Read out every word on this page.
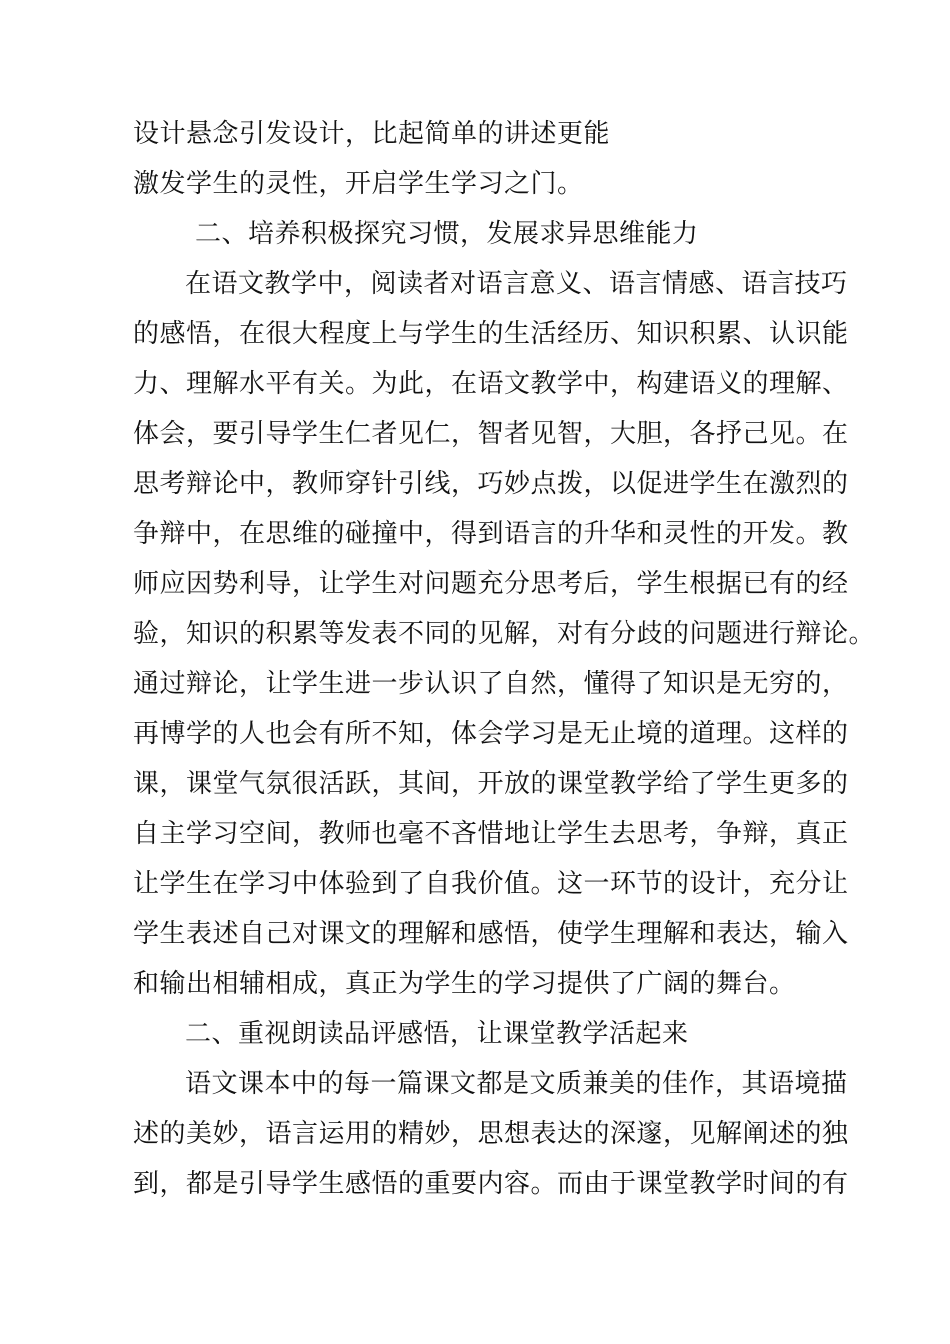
设计悬念引发设计，比起简单的讲述更能
激发学生的灵性，开启学生学习之门。
二、培养积极探究习惯，发展求异思维能力
在语文教学中，阅读者对语言意义、语言情感、语言技巧
的感悟，在很大程度上与学生的生活经历、知识积累、认识能
力、理解水平有关。为此，在语文教学中，构建语义的理解、
体会，要引导学生仁者见仁，智者见智，大胆，各抒己见。在
思考辩论中，教师穿针引线，巧妙点拨，以促进学生在激烈的
争辩中，在思维的碰撞中，得到语言的升华和灵性的开发。教
师应因势利导，让学生对问题充分思考后，学生根据已有的经
验，知识的积累等发表不同的见解，对有分歧的问题进行辩论。
通过辩论，让学生进一步认识了自然，懂得了知识是无穷的，
再博学的人也会有所不知，体会学习是无止境的道理。这样的
课，课堂气氛很活跃，其间，开放的课堂教学给了学生更多的
自主学习空间，教师也毫不吝惜地让学生去思考，争辩，真正
让学生在学习中体验到了自我价值。这一环节的设计，充分让
学生表述自己对课文的理解和感悟，使学生理解和表达，输入
和输出相辅相成，真正为学生的学习提供了广阔的舞台。
二、重视朗读品评感悟，让课堂教学活起来
语文课本中的每一篇课文都是文质兼美的佳作，其语境描
述的美妙，语言运用的精妙，思想表达的深邃，见解阐述的独
到，都是引导学生感悟的重要内容。而由于课堂教学时间的有
